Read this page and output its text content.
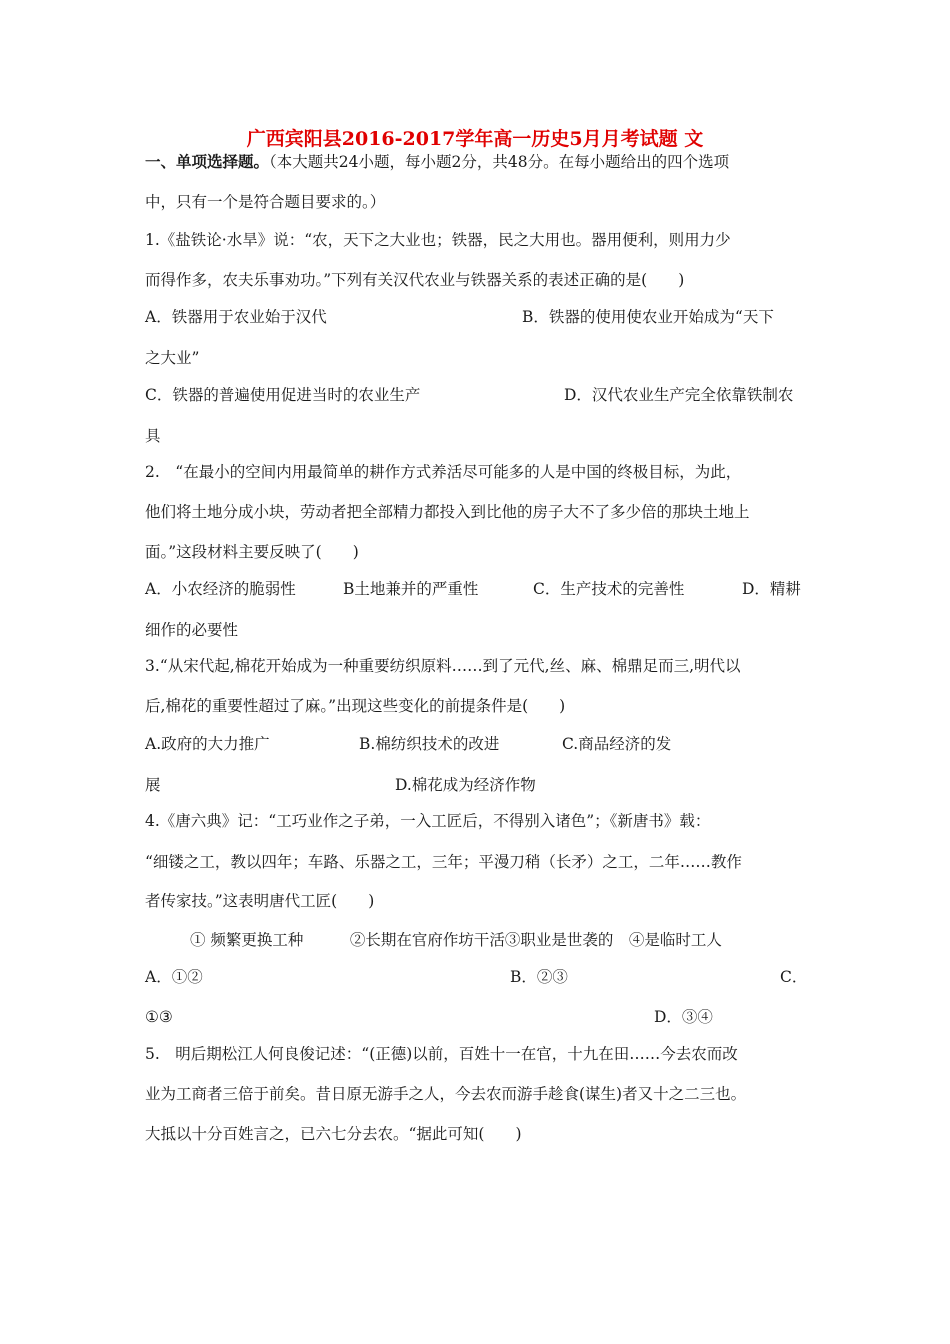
广西宾阳县2016-2017学年高一历史5月月考试题 文
一、单项选择题。（本大题共24小题，每小题2分，共48分。在每小题给出的四个选项
中，只有一个是符合题目要求的。）
1.《盐铁论·水旱》说：“农，天下之大业也；铁器，民之大用也。器用便利，则用力少
而得作多，农夫乐事劝功。”下列有关汉代农业与铁器关系的表述正确的是(　　)
A．铁器用于农业始于汉代	B．铁器的使用使农业开始成为“天下
之大业”
C．铁器的普遍使用促进当时的农业生产	D．汉代农业生产完全依靠铁制农
具
2.　“在最小的空间内用最简单的耕作方式养活尽可能多的人是中国的终极目标，为此，
他们将土地分成小块，劳动者把全部精力都投入到比他的房子大不了多少倍的那块土地上
面。”这段材料主要反映了(　　)
A．小农经济的脆弱性	B土地兼并的严重性	C．生产技术的完善性	D．精耕
细作的必要性
3.“从宋代起,棉花开始成为一种重要纺织原料……到了元代,丝、麻、棉鼎足而三,明代以
后,棉花的重要性超过了麻。”出现这些变化的前提条件是(　　)
A.政府的大力推广	B.棉纺织技术的改进	C.商品经济的发
展	D.棉花成为经济作物
4.《唐六典》记：“工巧业作之子弟，一入工匠后，不得别入诸色”；《新唐书》载：
“细镂之工，教以四年；车路、乐器之工，三年；平漫刀稍（长矛）之工，二年……教作
者传家技。”这表明唐代工匠(　　)
① 频繁更换工种　　　②长期在官府作坊干活③职业是世袭的　④是临时工人
A．①②	B．②③	C．
①③	D．③④
5.　明后期松江人何良俊记述：“(正德)以前，百姓十一在官，十九在田……今去农而改
业为工商者三倍于前矣。昔日原无游手之人，今去农而游手趁食(谋生)者又十之二三也。
大抵以十分百姓言之，已六七分去农。“据此可知(　　)
